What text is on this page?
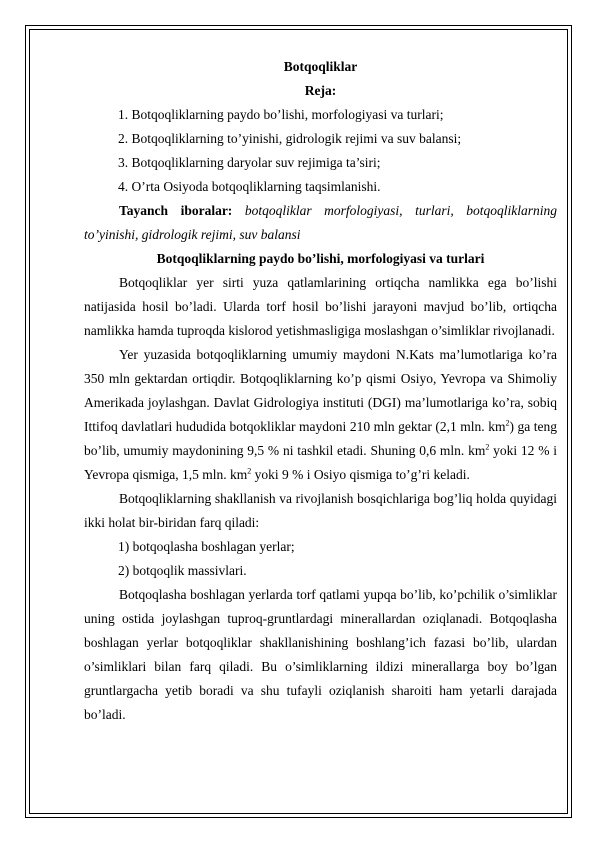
Botqoqliklar
Reja:
1. Botqoqliklarning paydo bo’lishi, morfologiyasi va turlari;
2. Botqoqliklarning to’yinishi, gidrologik rejimi va suv balansi;
3. Botqoqliklarning daryolar suv rejimiga ta’siri;
4. O’rta Osiyoda botqoqliklarning taqsimlanishi.

Tayanch iboralar: botqoqliklar morfologiyasi, turlari, botqoqliklarning to’yinishi, gidrologik rejimi, suv balansi

Botqoqliklarning paydo bo’lishi, morfologiyasi va turlari

Botqoqliklar yer sirti yuza qatlamlarining ortiqcha namlikka ega bo’lishi natijasida hosil bo’ladi. Ularda torf hosil bo’lishi jarayoni mavjud bo’lib, ortiqcha namlikka hamda tuproqda kislorod yetishmasligiga moslashgan o’simliklar rivojlanadi.

Yer yuzasida botqoqliklarning umumiy maydoni N.Kats ma’lumotlariga ko’ra 350 mln gektardan ortiqdir. Botqoqliklarning ko’p qismi Osiyo, Yevropa va Shimoliy Amerikada joylashgan. Davlat Gidrologiya instituti (DGI) ma’lumotlariga ko’ra, sobiq Ittifoq davlatlari hududida botqokliklar maydoni 210 mln gektar (2,1 mln. $km^2$) ga teng bo’lib, umumiy maydonining 9,5 % ni tashkil etadi. Shuning 0,6 mln. $km^2$ yoki 12 % i Yevropa qismiga, 1,5 mln. $km^2$ yoki 9 % i Osiyo qismiga to’g’ri keladi.

Botqoqliklarning shakllanish va rivojlanish bosqichlariga bog’liq holda quyidagi ikki holat bir-biridan farq qiladi:

1) botqoqlasha boshlagan yerlar;
2) botqoqlik massivlari.

Botqoqlasha boshlagan yerlarda torf qatlami yupqa bo’lib, ko’pchilik o’simliklar uning ostida joylashgan tuproq-gruntlardagi minerallardan oziqlanadi. Botqoqlasha boshlagan yerlar botqoqliklar shakllanishining boshlang’ich fazasi bo’lib, ulardan o’simliklari bilan farq qiladi. Bu o’simliklarning ildizi minerallarga boy bo’lgan gruntlargacha yetib boradi va shu tufayli oziqlanish sharoiti ham yetarli darajada bo’ladi.
